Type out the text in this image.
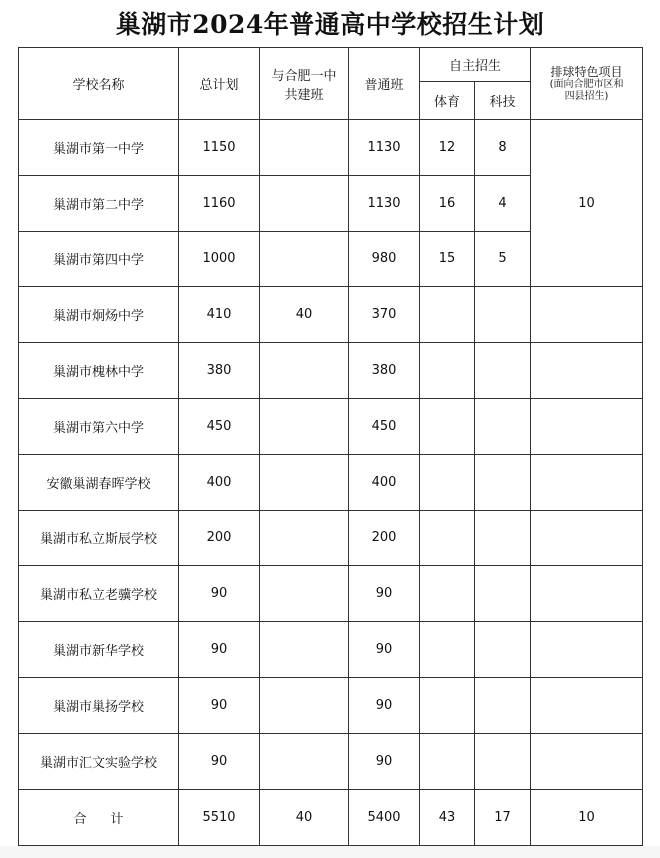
巢湖市2024年普通高中学校招生计划
学校名称	总计划	与合肥一中
共建班	普通班	自主招生		排球特色项目
(面向合肥市区和
四县招生)

				体育	科技	
巢湖市第一中学	1150		1130	12	8	10
巢湖市第二中学	1160		1130	16	4	
巢湖市第四中学	1000		980	15	5	
巢湖市炯炀中学	410	40	370			
巢湖市槐林中学	380		380			
巢湖市第六中学	450		450			
安徽巢湖春晖学校	400		400			
巢湖市私立斯辰学校	200		200			
巢湖市私立老骥学校	90		90			
巢湖市新华学校	90		90			
巢湖市巢扬学校	90		90			
巢湖市汇文实验学校	90		90			
合计	5510	40	5400	43	17	10
